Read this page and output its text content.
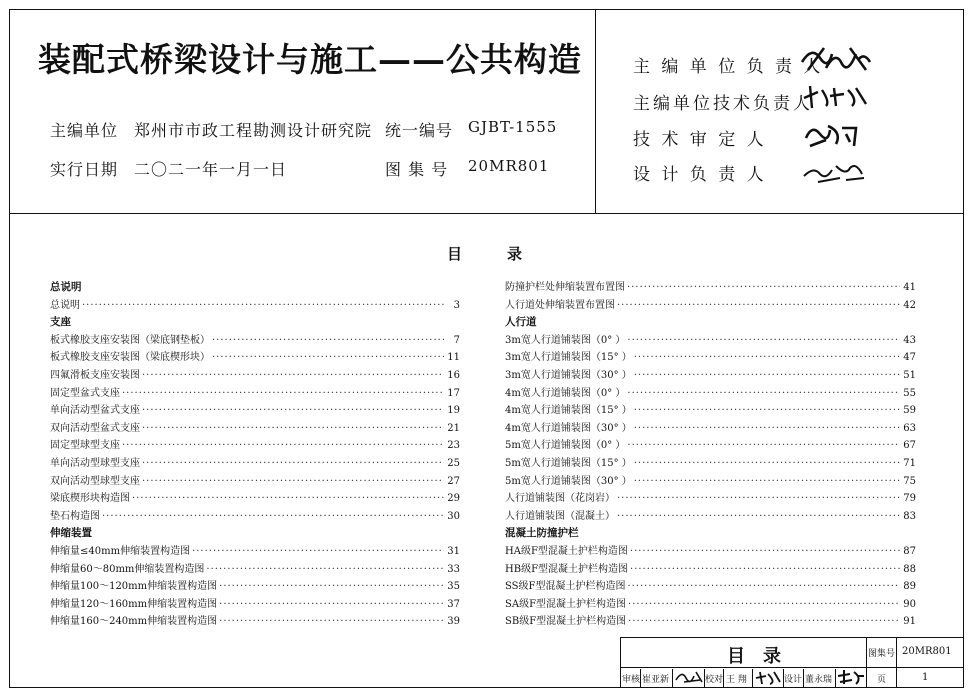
装配式桥梁设计与施工——公共构造
主编单位 郑州市市政工程勘测设计研究院 统一编号 GJBT-1555
实行日期 二〇二一年一月一日	图 集 号 20MR801
主 编 单 位 负 责 人
主编单位技术负责人
技 术 审 定 人
设 计 负 责 人
目	录
总说明
总说明 ·····	3
支座
板式橡胶支座安装图（梁底钢垫板） ·····	7
板式橡胶支座安装图（梁底楔形块） ·····	11
四氟滑板支座安装图 ·····	16
固定型盆式支座 ·····	17
单向活动型盆式支座 ·····	19
双向活动型盆式支座 ·····	21
固定型球型支座 ·····	23
单向活动型球型支座 ·····	25
双向活动型球型支座 ·····	27
梁底楔形块构造图 ·····	29
垫石构造图 ·····	30
伸缩装置
伸缩量≤40mm伸缩装置构造图 ·····	31
伸缩量60～80mm伸缩装置构造图 ·····	33
伸缩量100～120mm伸缩装置构造图 ·····	35
伸缩量120～160mm伸缩装置构造图 ·····	37
伸缩量160～240mm伸缩装置构造图 ·····	39
防撞护栏处伸缩装置布置图 ·····	41
人行道处伸缩装置布置图 ·····	42
人行道
3m宽人行道铺装图（0° ） ·····	43
3m宽人行道铺装图（15° ） ·····	47
3m宽人行道铺装图（30° ） ·····	51
4m宽人行道铺装图（0° ） ·····	55
4m宽人行道铺装图（15° ） ·····	59
4m宽人行道铺装图（30° ） ·····	63
5m宽人行道铺装图（0° ） ·····	67
5m宽人行道铺装图（15° ） ·····	71
5m宽人行道铺装图（30° ） ·····	75
人行道铺装图（花岗岩） ·····	79
人行道铺装图（混凝土） ·····	83
混凝土防撞护栏
HA级F型混凝土护栏构造图 ·····	87
HB级F型混凝土护栏构造图 ·····	88
SS级F型混凝土护栏构造图 ·····	89
SA级F型混凝土护栏构造图 ·····	90
SB级F型混凝土护栏构造图 ·····	91
目　录	图集号 20MR801
审核 崔亚新	校对 王 翔	设计 董永瑞	页	1
